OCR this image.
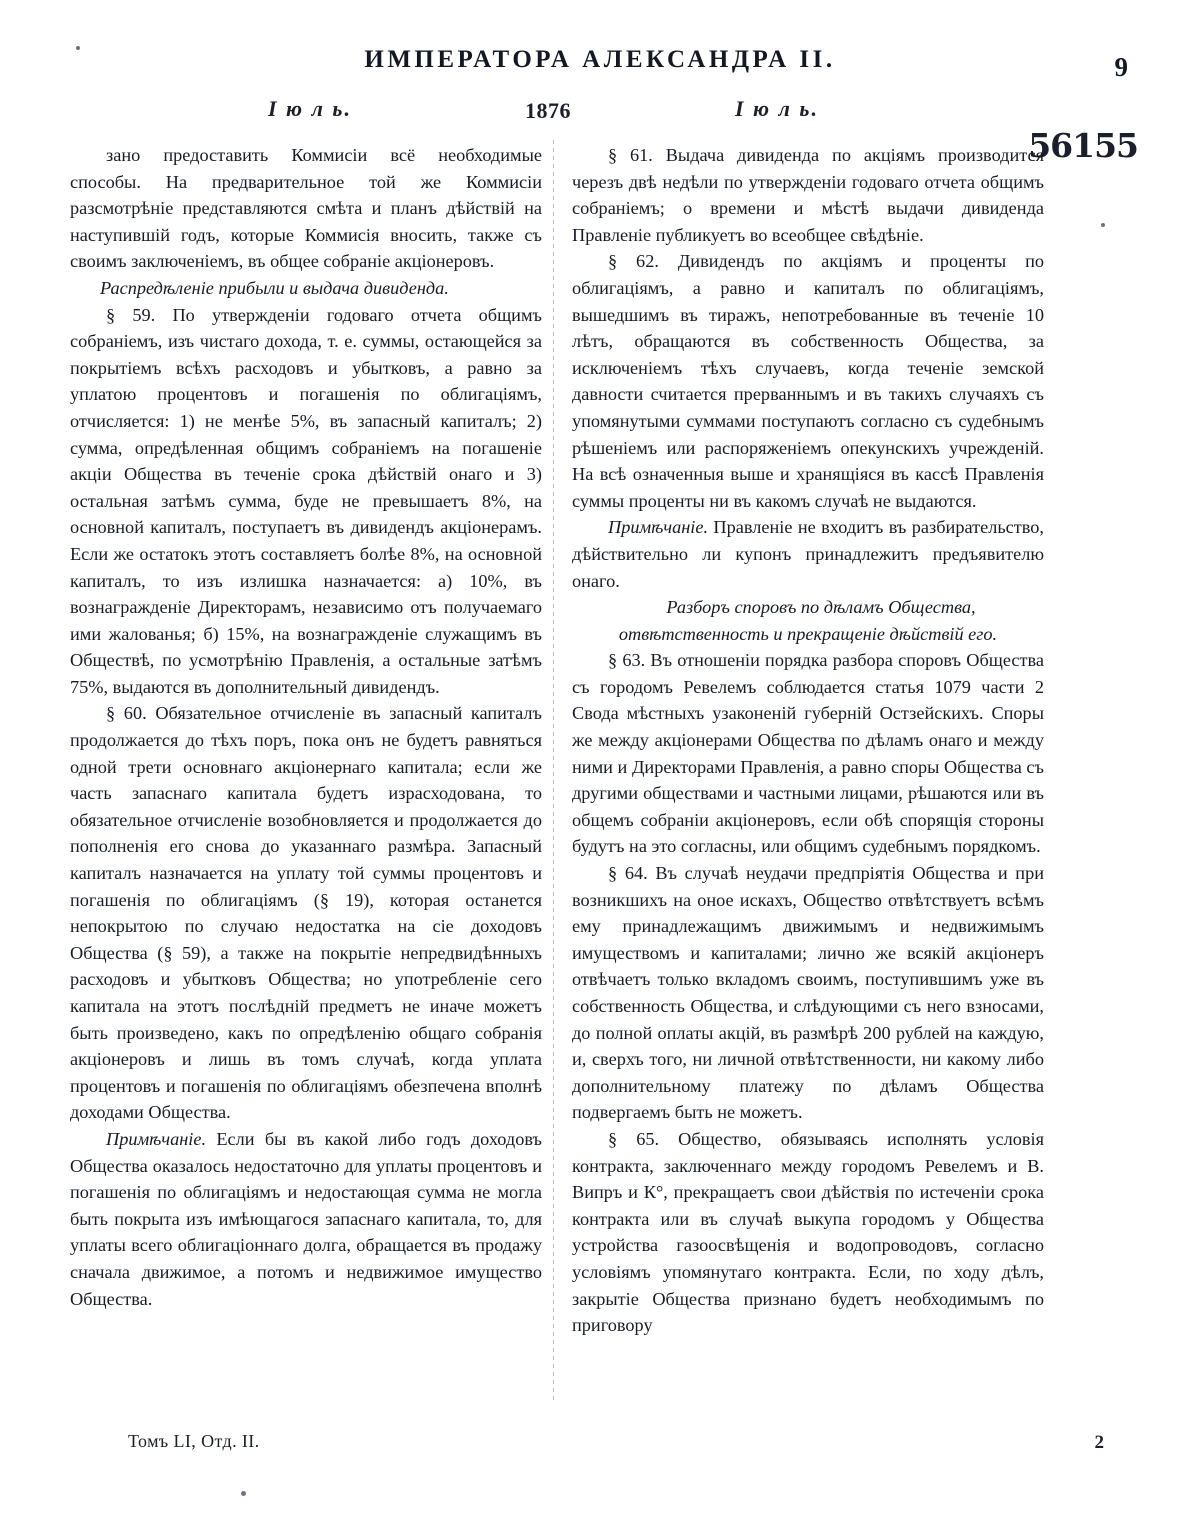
ИМПЕРАТОРА АЛЕКСАНДРА II.	9
I ю л ь.	1876	I ю л ь.
56155

зано предоставить Коммисіи всё необходимые способы. На предварительное той же Коммисіи разсмотрѣніе представляются смѣта и планъ дѣйствій на наступившій годъ, которые Коммисія вносить, также съ своимъ заключеніемъ, въ общее собраніе акціонеровъ.

Распредѣленіе прибыли и выдача дивиденда.

§ 59. По утвержденіи годоваго отчета общимъ собраніемъ, изъ чистаго дохода, т. е. суммы, остающейся за покрытіемъ всѣхъ расходовъ и убытковъ, а равно за уплатою процентовъ и погашенія по облигаціямъ, отчисляется: 1) не менѣе 5%, въ запасный капиталъ; 2) сумма, опредѣленная общимъ собраніемъ на погашеніе акціи Общества въ теченіе срока дѣйствій онаго и 3) остальная затѣмъ сумма, буде не превышаетъ 8%, на основной капиталъ, поступаетъ въ дивидендъ акціонерамъ. Если же остатокъ этотъ составляетъ болѣе 8%, на основной капиталъ, то изъ излишка назначается: а) 10%, въ вознагражденіе Директорамъ, независимо отъ получаемаго ими жалованья; б) 15%, на вознагражденіе служащимъ въ Обществѣ, по усмотрѣнію Правленія, а остальные затѣмъ 75%, выдаются въ дополнительный дивидендъ.

§ 60. Обязательное отчисленіе въ запасный капиталъ продолжается до тѣхъ поръ, пока онъ не будетъ равняться одной трети основнаго акціонернаго капитала; если же часть запаснаго капитала будетъ израсходована, то обязательное отчисленіе возобновляется и продолжается до пополненія его снова до указаннаго размѣра. Запасный капиталъ назначается на уплату той суммы процентовъ и погашенія по облигаціямъ (§ 19), которая останется непокрытою по случаю недостатка на сіе доходовъ Общества (§ 59), а также на покрытіе непредвидѣнныхъ расходовъ и убытковъ Общества; но употребленіе сего капитала на этотъ послѣдній предметъ не иначе можетъ быть произведено, какъ по опредѣленію общаго собранія акціонеровъ и лишь въ томъ случаѣ, когда уплата процентовъ и погашенія по облигаціямъ обезпечена вполнѣ доходами Общества.

Примѣчаніе. Если бы въ какой либо годъ доходовъ Общества оказалось недостаточно для уплаты процентовъ и погашенія по облигаціямъ и недостающая сумма не могла быть покрыта изъ имѣющагося запаснаго капитала, то, для уплаты всего облигаціоннаго долга, обращается въ продажу сначала движимое, а потомъ и недвижимое имущество Общества.

§ 61. Выдача дивиденда по акціямъ производится черезъ двѣ недѣли по утвержденіи годоваго отчета общимъ собраніемъ; о времени и мѣстѣ выдачи дивиденда Правленіе публикуетъ во всеобщее свѣдѣніе.

§ 62. Дивидендъ по акціямъ и проценты по облигаціямъ, а равно и капиталъ по облигаціямъ, вышедшимъ въ тиражъ, непотребованные въ теченіе 10 лѣтъ, обращаются въ собственность Общества, за исключеніемъ тѣхъ случаевъ, когда теченіе земской давности считается прерваннымъ и въ такихъ случаяхъ съ упомянутыми суммами поступаютъ согласно съ судебнымъ рѣшеніемъ или распоряженіемъ опекунскихъ учрежденій. На всѣ означенныя выше и хранящіяся въ кассѣ Правленія суммы проценты ни въ какомъ случаѣ не выдаются.

Примѣчаніе. Правленіе не входитъ въ разбирательство, дѣйствительно ли купонъ принадлежитъ предъявителю онаго.

Разборъ споровъ по дѣламъ Общества, отвѣтственность и прекращеніе дѣйствій его.

§ 63. Въ отношеніи порядка разбора споровъ Общества съ городомъ Ревелемъ соблюдается статья 1079 части 2 Свода мѣстныхъ узаконеній губерній Остзейскихъ. Споры же между акціонерами Общества по дѣламъ онаго и между ними и Директорами Правленія, а равно споры Общества съ другими обществами и частными лицами, рѣшаются или въ общемъ собраніи акціонеровъ, если обѣ спорящія стороны будутъ на это согласны, или общимъ судебнымъ порядкомъ.

§ 64. Въ случаѣ неудачи предпріятія Общества и при возникшихъ на оное искахъ, Общество отвѣтствуетъ всѣмъ ему принадлежащимъ движимымъ и недвижимымъ имуществомъ и капиталами; лично же всякій акціонеръ отвѣчаетъ только вкладомъ своимъ, поступившимъ уже въ собственность Общества, и слѣдующими съ него взносами, до полной оплаты акцій, въ размѣрѣ 200 рублей на каждую, и, сверхъ того, ни личной отвѣтственности, ни какому либо дополнительному платежу по дѣламъ Общества подвергаемъ быть не можетъ.

§ 65. Общество, обязываясь исполнять условія контракта, заключеннаго между городомъ Ревелемъ и В. Випръ и К°, прекращаетъ свои дѣйствія по истеченіи срока контракта или въ случаѣ выкупа городомъ у Общества устройства газоосвѣщенія и водопроводовъ, согласно условіямъ упомянутаго контракта. Если, по ходу дѣлъ, закрытіе Общества признано будетъ необходимымъ по приговору

Томъ LI, Отд. II.	2
